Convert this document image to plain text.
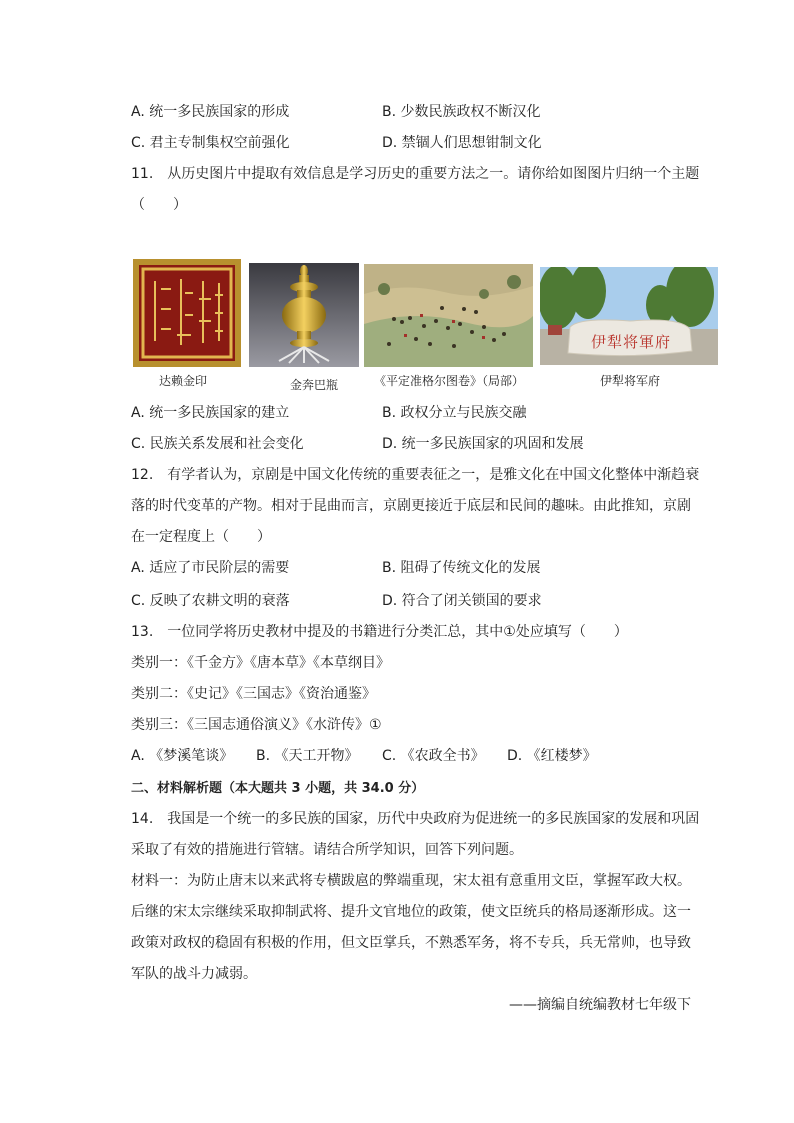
A. 统一多民族国家的形成	B. 少数民族政权不断汉化
C. 君主专制集权空前强化	D. 禁锢人们思想钳制文化
11.　从历史图片中提取有效信息是学习历史的重要方法之一。请你给如图图片归纳一个主题
（　　）
达赖金印	金奔巴瓶	《平定准格尔图卷》（局部）
伊犁将軍府
伊犁将军府
A. 统一多民族国家的建立	B. 政权分立与民族交融
C. 民族关系发展和社会变化	D. 统一多民族国家的巩固和发展
12.　有学者认为，京剧是中国文化传统的重要表征之一，是雅文化在中国文化整体中渐趋衰
落的时代变革的产物。相对于昆曲而言，京剧更接近于底层和民间的趣味。由此推知，京剧
在一定程度上（　　）
A. 适应了市民阶层的需要	B. 阻碍了传统文化的发展
C. 反映了农耕文明的衰落	D. 符合了闭关锁国的要求
13.　一位同学将历史教材中提及的书籍进行分类汇总，其中①处应填写（　　）
类别一：《千金方》《唐本草》《本草纲目》
类别二：《史记》《三国志》《资治通鉴》
类别三：《三国志通俗演义》《水浒传》①
A. 《梦溪笔谈》 B. 《天工开物》 C. 《农政全书》 D. 《红楼梦》
二、材料解析题（本大题共 3 小题，共 34.0 分）
14.　我国是一个统一的多民族的国家，历代中央政府为促进统一的多民族国家的发展和巩固
采取了有效的措施进行管辖。请结合所学知识，回答下列问题。
材料一：为防止唐末以来武将专横跋扈的弊端重现，宋太祖有意重用文臣，掌握军政大权。
后继的宋太宗继续采取抑制武将、提升文官地位的政策，使文臣统兵的格局逐渐形成。这一
政策对政权的稳固有积极的作用，但文臣掌兵，不熟悉军务，将不专兵，兵无常帅，也导致
军队的战斗力减弱。
——摘编自统编教材七年级下
